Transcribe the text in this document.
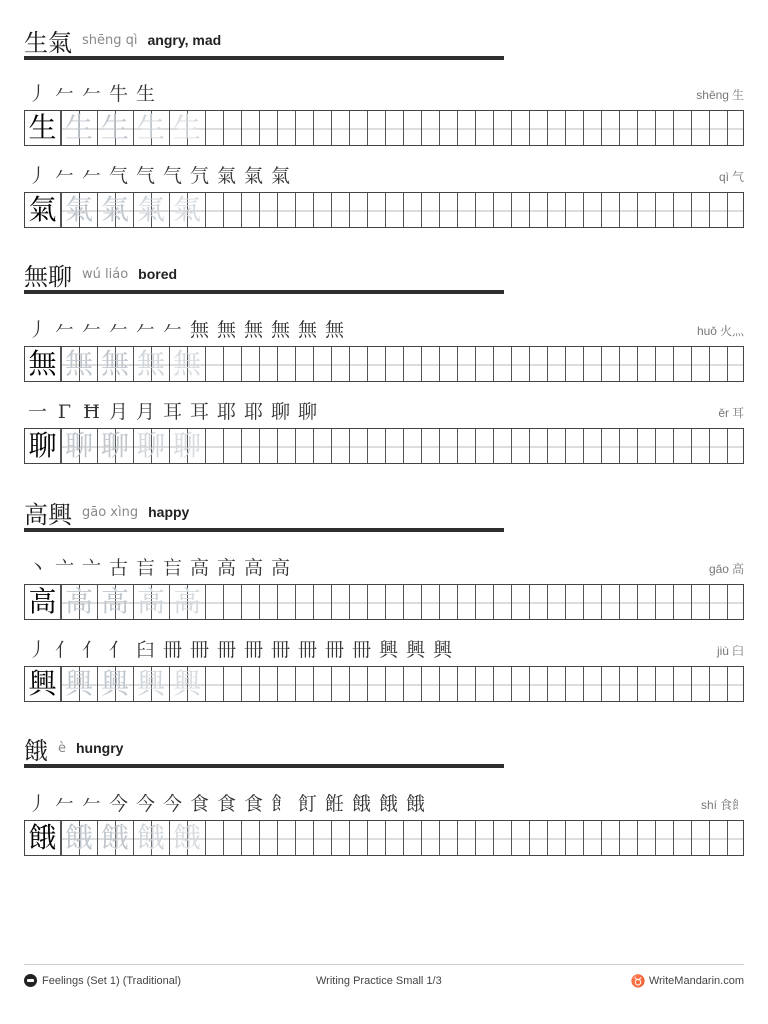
生氣 shēng qì angry, mad
丿 𠂉 𠂉 牛 生	shēng 生
生 生 生 生 生
丿 𠂉 𠂉 气 气 气 氕 氣 氣 氣	qì 气
氣 氣 氣 氣 氣
無聊 wú liáo bored
丿 𠂉 𠂉 𠂉 𠂉 𠂉 無 無 無 無 無 無	huǒ 火灬
無 無 無 無 無
一 Γ Ħ 月 月 耳 耳 耶 耶 聊 聊	ěr 耳
聊 聊 聊 聊 聊
高興 gāo xìng happy
丶 亠 亠 古 吂 吂 高 高 高 高	gāo 高
高 高 高 高 高
丿 亻 亻 亻 臼 冊 冊 冊 冊 冊 冊 冊 冊 興 興 興	jiù 臼
興 興 興 興 興
餓 è hungry
丿 𠂉 𠂉 今 今 今 食 食 食 飠 飣 餁 餓 餓 餓	shí 食飠
餓 餓 餓 餓 餓
Feelings (Set 1) (Traditional)	Writing Practice Small 1/3	♉ WriteMandarin.com
